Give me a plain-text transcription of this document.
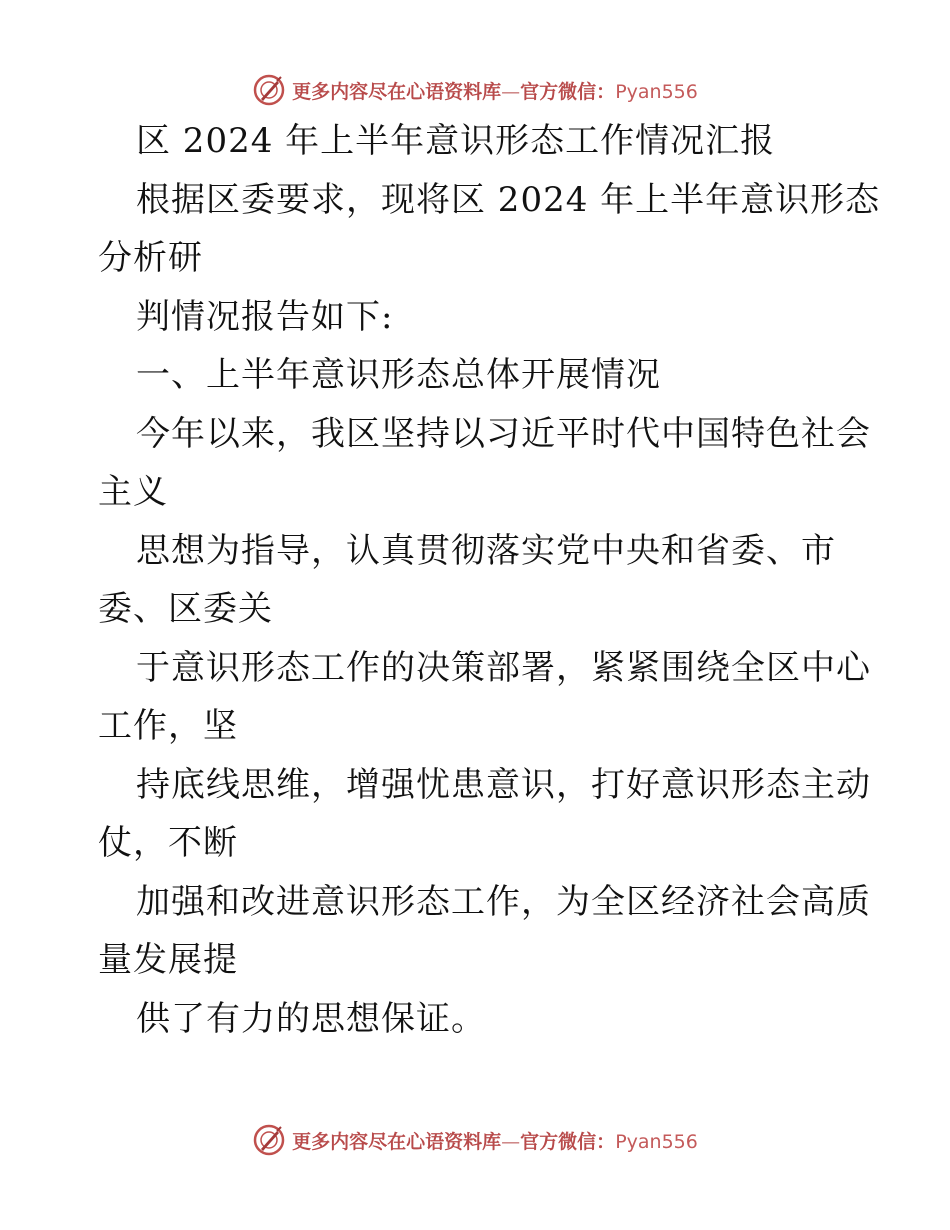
更多内容尽在心语资料库—官方微信：Pyan556
区 2024 年上半年意识形态工作情况汇报
根据区委要求，现将区 2024 年上半年意识形态
分析研
判情况报告如下:
一、上半年意识形态总体开展情况
今年以来，我区坚持以习近平时代中国特色社会
主义
思想为指导，认真贯彻落实党中央和省委、市
委、区委关
于意识形态工作的决策部署，紧紧围绕全区中心
工作，坚
持底线思维，增强忧患意识，打好意识形态主动
仗，不断
加强和改进意识形态工作，为全区经济社会高质
量发展提
供了有力的思想保证。
更多内容尽在心语资料库—官方微信：Pyan556
